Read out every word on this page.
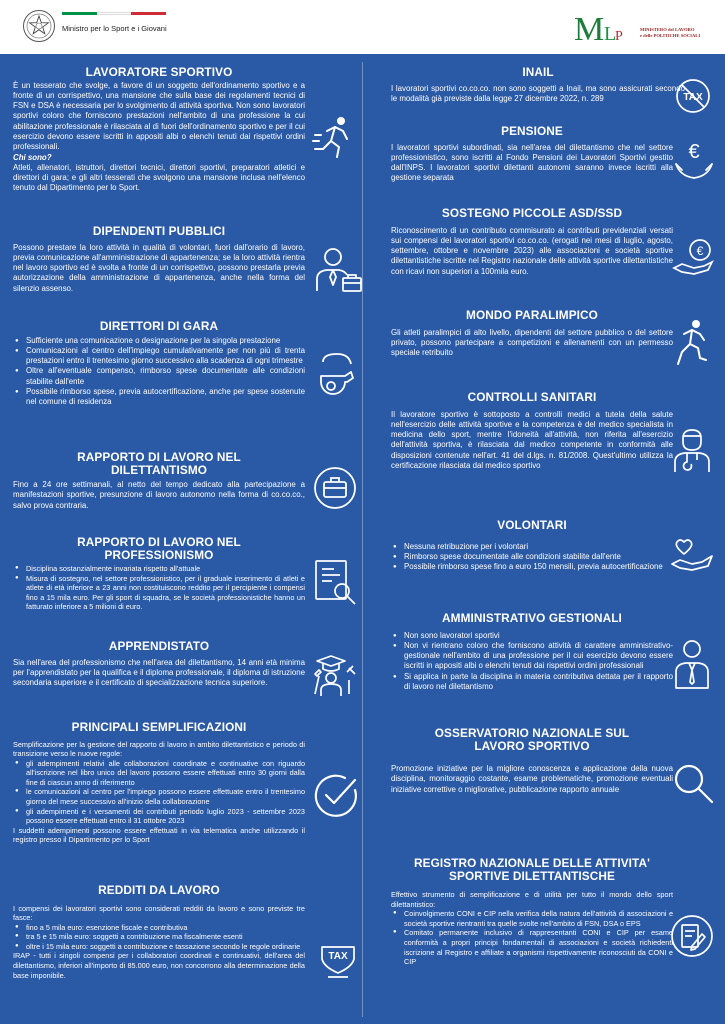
Ministro per lo Sport e i Giovani	M L
P	MINISTERO del LAVORO
e delle POLITICHE SOCIALI
LAVORATORE SPORTIVO

È un tesserato che svolge, a favore di un soggetto dell'ordinamento sportivo e a fronte di un corrispettivo, una mansione che sulla base dei regolamenti tecnici di FSN e DSA è necessaria per lo svolgimento di attività sportiva. Non sono lavoratori sportivi coloro che forniscono prestazioni nell'ambito di una professione la cui abilitazione professionale è rilasciata al di fuori dell'ordinamento sportivo e per il cui esercizio devono essere iscritti in appositi albi o elenchi tenuti dai rispettivi ordini professionali.

Chi sono?

Atleti, allenatori, istruttori, direttori tecnici, direttori sportivi, preparatori atletici e direttori di gara; e gli altri tesserati che svolgono una mansione inclusa nell'elenco tenuto dal Dipartimento per lo Sport.

DIPENDENTI PUBBLICI

Possono prestare la loro attività in qualità di volontari, fuori dall'orario di lavoro, previa comunicazione all'amministrazione di appartenenza; se la loro attività rientra nel lavoro sportivo ed è svolta a fronte di un corrispettivo, possono prestarla previa autorizzazione della amministrazione di appartenenza, anche nella forma del silenzio assenso.

DIRETTORI DI GARA
● Sufficiente una comunicazione o designazione per la singola prestazione
● Comunicazioni al centro dell'impiego cumulativamente per non più di trenta prestazioni entro il trentesimo giorno successivo alla scadenza di ogni trimestre
● Oltre all'eventuale compenso, rimborso spese documentate alle condizioni stabilite dall'ente
● Possibile rimborso spese, previa autocertificazione, anche per spese sostenute nel comune di residenza
RAPPORTO DI LAVORO NEL DILETTANTISMO

Fino a 24 ore settimanali, al netto del tempo dedicato alla partecipazione a manifestazioni sportive, presunzione di lavoro autonomo nella forma di co.co.co., salvo prova contraria.

RAPPORTO DI LAVORO NEL PROFESSIONISMO
● Disciplina sostanzialmente invariata rispetto all'attuale
● Misura di sostegno, nel settore professionistico, per il graduale inserimento di atleti e atlete di età inferiore a 23 anni non costituiscono reddito per il percipiente i compensi fino a 15 mila euro. Per gli sport di squadra, se le società professionistiche hanno un fatturato inferiore a 5 milioni di euro.
APPRENDISTATO

Sia nell'area del professionismo che nell'area del dilettantismo, 14 anni età minima per l'apprendistato per la qualifica e il diploma professionale, il diploma di istruzione secondaria superiore e il certificato di specializzazione tecnica superiore.

PRINCIPALI SEMPLIFICAZIONI

Semplificazione per la gestione del rapporto di lavoro in ambito dilettantistico e periodo di transizione verso le nuove regole:

● gli adempimenti relativi alle collaborazioni coordinate e continuative con riguardo all'iscrizione nel libro unico del lavoro possono essere effettuati entro 30 giorni dalla fine di ciascun anno di riferimento
● le comunicazioni al centro per l'impiego possono essere effettuate entro il trentesimo giorno del mese successivo all'inizio della collaborazione
● gli adempimenti e i versamenti dei contributi periodo luglio 2023 - settembre 2023 possono essere effettuati entro il 31 ottobre 2023

I suddetti adempimenti possono essere effettuati in via telematica anche utilizzando il registro presso il Dipartimento per lo Sport

REDDITI DA LAVORO

I compensi dei lavoratori sportivi sono considerati redditi da lavoro e sono previste tre fasce:

● fino a 5 mila euro: esenzione fiscale e contributiva
● tra 5 e 15 mila euro: soggetti a contribuzione ma fiscalmente esenti
● oltre i 15 mila euro: soggetti a contribuzione e tassazione secondo le regole ordinarie

IRAP - tutti i singoli compensi per i collaboratori coordinati e continuativi, dell'area del dilettantismo, inferiori all'importo di 85.000 euro, non concorrono alla determinazione della base imponibile.

TAX
INAIL

I lavoratori sportivi co.co.co. non sono soggetti a Inail, ma sono assicurati secondo le modalità già previste dalla legge 27 dicembre 2022, n. 289	TAX
PENSIONE

I lavoratori sportivi subordinati, sia nell'area del dilettantismo che nel settore professionistico, sono iscritti al Fondo Pensioni dei Lavoratori Sportivi gestito dall'INPS. I lavoratori sportivi dilettanti autonomi saranno invece iscritti alla gestione separata

€
SOSTEGNO PICCOLE ASD/SSD

Riconoscimento di un contributo commisurato ai contributi previdenziali versati sui compensi dei lavoratori sportivi co.co.co. (erogati nei mesi di luglio, agosto, settembre, ottobre e novembre 2023) alle associazioni e società sportive dilettantistiche iscritte nel Registro nazionale delle attività sportive dilettantistiche con ricavi non superiori a 100mila euro.

€
MONDO PARALIMPICO

Gli atleti paralimpici di alto livello, dipendenti del settore pubblico o del settore privato, possono partecipare a competizioni e allenamenti con un permesso speciale retribuito

CONTROLLI SANITARI

Il lavoratore sportivo è sottoposto a controlli medici a tutela della salute nell'esercizio delle attività sportive e la competenza è del medico specialista in medicina dello sport, mentre l'idoneità all'attività, non riferita all'esercizio dell'attività sportiva, è rilasciata dal medico competente in conformità alle disposizioni contenute nell'art. 41 del d.lgs. n. 81/2008. Quest'ultimo utilizza la certificazione rilasciata dal medico sportivo

VOLONTARI
● Nessuna retribuzione per i volontari
● Rimborso spese documentate alle condizioni stabilite dall'ente
● Possibile rimborso spese fino a euro 150 mensili, previa autocertificazione
AMMINISTRATIVO GESTIONALI
● Non sono lavoratori sportivi
● Non vi rientrano coloro che forniscono attività di carattere amministrativo-gestionale nell'ambito di una professione per il cui esercizio devono essere iscritti in appositi albi o elenchi tenuti dai rispettivi ordini professionali
● Si applica in parte la disciplina in materia contributiva dettata per il rapporto di lavoro nel dilettantismo
OSSERVATORIO NAZIONALE SUL LAVORO SPORTIVO

Promozione iniziative per la migliore conoscenza e applicazione della nuova disciplina, monitoraggio costante, esame problematiche, promozione eventuali iniziative correttive o migliorative, pubblicazione rapporto annuale

REGISTRO NAZIONALE DELLE ATTIVITA' SPORTIVE DILETTANTISCHE

Effettivo strumento di semplificazione e di utilità per tutto il mondo dello sport dilettantistico:

● Coinvolgimento CONI e CIP nella verifica della natura dell'attività di associazioni e società sportive rientranti tra quelle svolte nell'ambito di FSN, DSA o EPS
● Comitato permanente inclusivo di rappresentanti CONI e CIP per esame conformità a propri principi fondamentali di associazioni e società richiedenti iscrizione al Registro e affiliate a organismi rispettivamente riconosciuti da CONI e CIP
